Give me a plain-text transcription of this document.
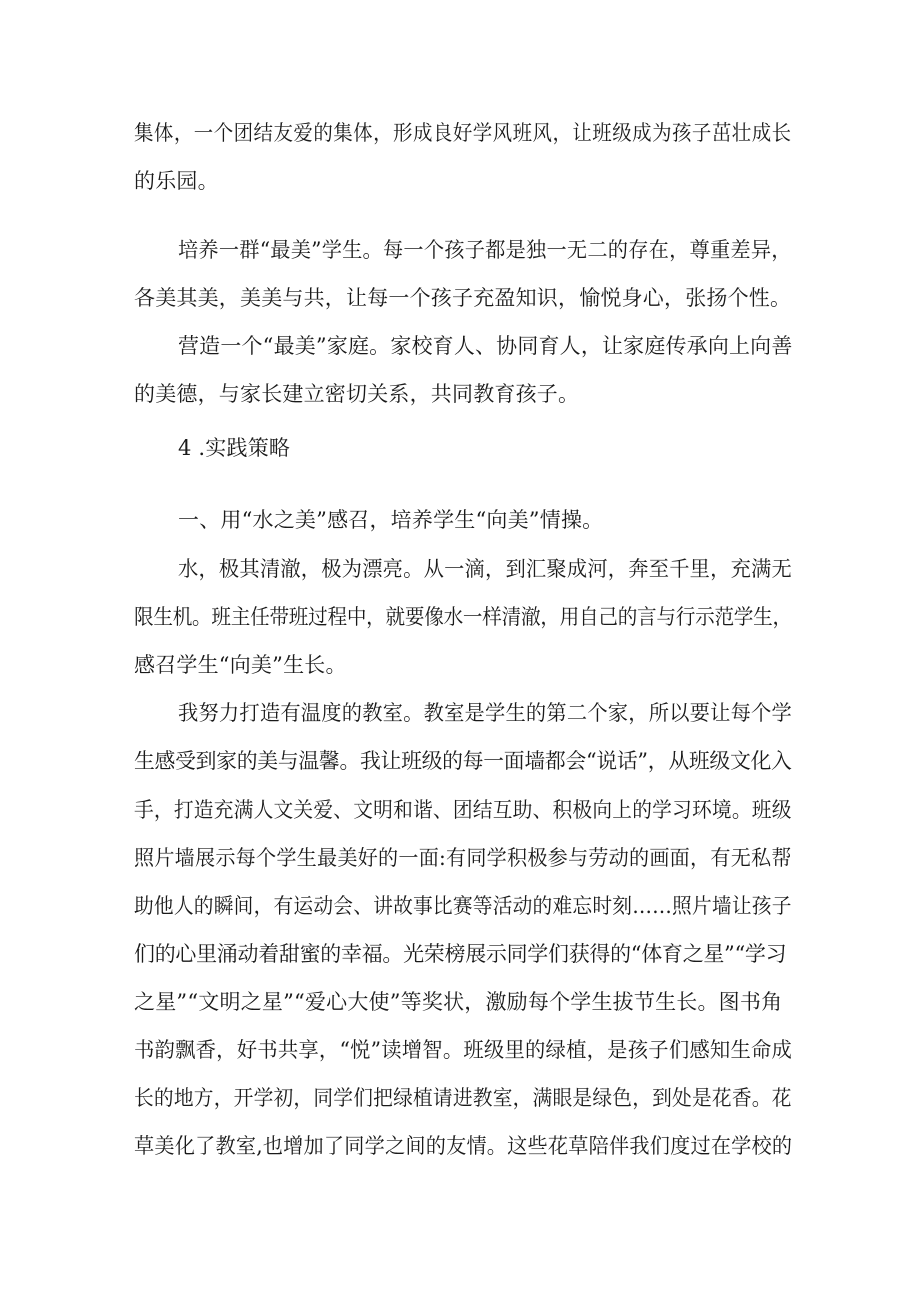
集体，一个团结友爱的集体，形成良好学风班风，让班级成为孩子茁壮成长
的乐园。
培养一群“最美”学生。每一个孩子都是独一无二的存在，尊重差异，
各美其美，美美与共，让每一个孩子充盈知识，愉悦身心，张扬个性。
营造一个“最美”家庭。家校育人、协同育人，让家庭传承向上向善
的美德，与家长建立密切关系，共同教育孩子。
4 .实践策略
一、用“水之美”感召，培养学生“向美”情操。
水，极其清澈，极为漂亮。从一滴，到汇聚成河，奔至千里，充满无
限生机。班主任带班过程中，就要像水一样清澈，用自己的言与行示范学生，
感召学生“向美”生长。
我努力打造有温度的教室。教室是学生的第二个家，所以要让每个学
生感受到家的美与温馨。我让班级的每一面墙都会“说话”，从班级文化入
手，打造充满人文关爱、文明和谐、团结互助、积极向上的学习环境。班级
照片墙展示每个学生最美好的一面:有同学积极参与劳动的画面，有无私帮
助他人的瞬间，有运动会、讲故事比赛等活动的难忘时刻……照片墙让孩子
们的心里涌动着甜蜜的幸福。光荣榜展示同学们获得的“体育之星”“学习
之星”“文明之星”“爱心大使”等奖状，激励每个学生拔节生长。图书角
书韵飘香，好书共享，“悦”读增智。班级里的绿植，是孩子们感知生命成
长的地方，开学初，同学们把绿植请进教室，满眼是绿色，到处是花香。花
草美化了教室,也增加了同学之间的友情。这些花草陪伴我们度过在学校的
